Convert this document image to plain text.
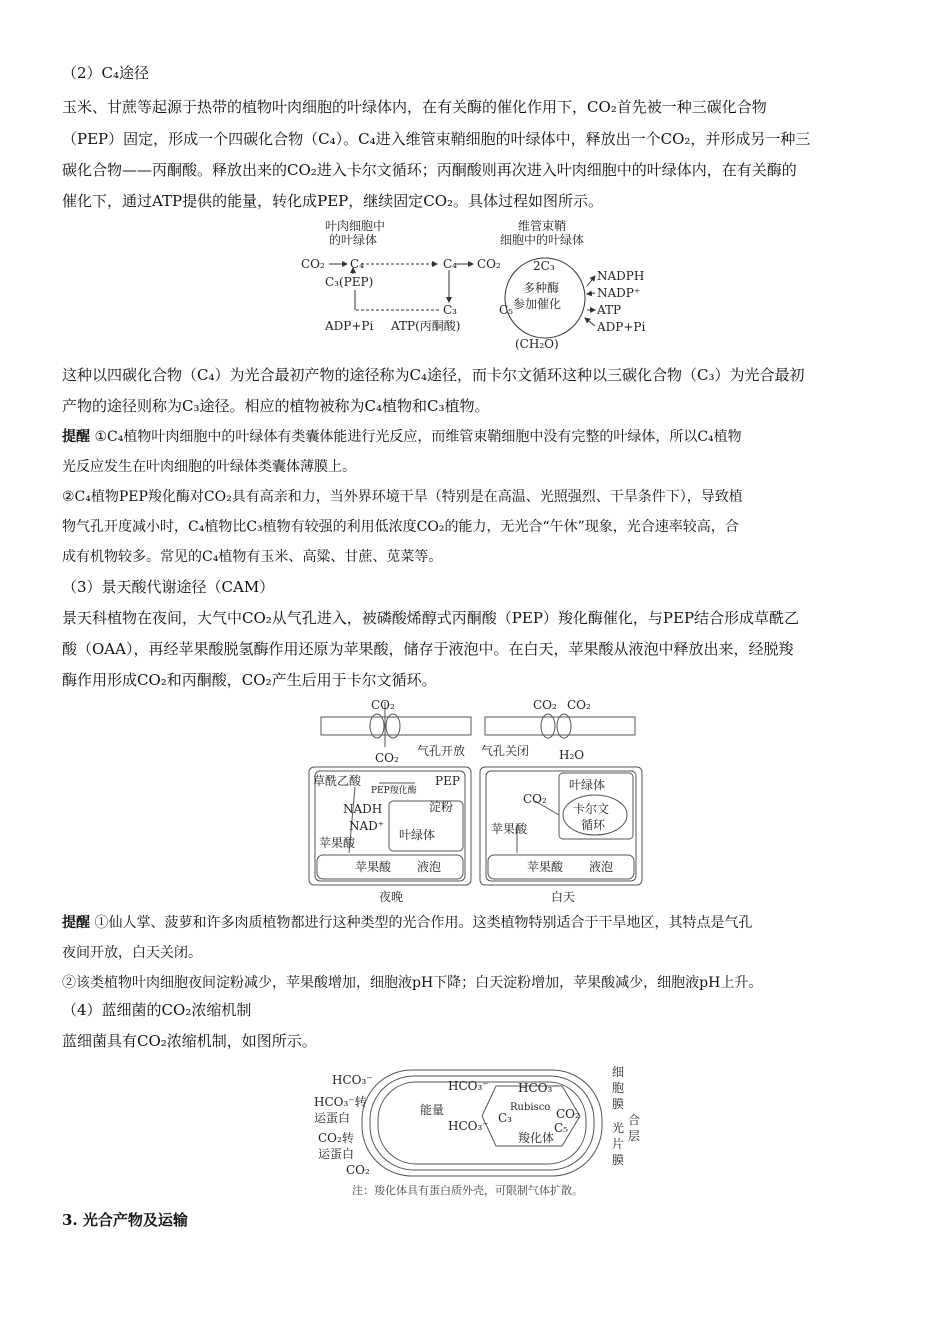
（2）C₄途径
玉米、甘蔗等起源于热带的植物叶肉细胞的叶绿体内，在有关酶的催化作用下，CO₂首先被一种三碳化合物
（PEP）固定，形成一个四碳化合物（C₄）。C₄进入维管束鞘细胞的叶绿体中，释放出一个CO₂，并形成另一种三
碳化合物——丙酮酸。释放出来的CO₂进入卡尔文循环；丙酮酸则再次进入叶肉细胞中的叶绿体内，在有关酶的
催化下，通过ATP提供的能量，转化成PEP，继续固定CO₂。具体过程如图所示。
叶肉细胞中
的叶绿体
维管束鞘
细胞中的叶绿体
CO₂ C₄
C₃(PEP)
C₄ CO₂
C₃
ADP+Pi ATP(丙酮酸)
2C₃
多种酶
参加催化
C₅
NADPH
NADP⁺
ATP
ADP+Pi
(CH₂O)
这种以四碳化合物（C₄）为光合最初产物的途径称为C₄途径，而卡尔文循环这种以三碳化合物（C₃）为光合最初
产物的途径则称为C₃途径。相应的植物被称为C₄植物和C₃植物。
提醒 ①C₄植物叶肉细胞中的叶绿体有类囊体能进行光反应，而维管束鞘细胞中没有完整的叶绿体，所以C₄植物
光反应发生在叶肉细胞的叶绿体类囊体薄膜上。
②C₄植物PEP羧化酶对CO₂具有高亲和力，当外界环境干旱（特别是在高温、光照强烈、干旱条件下），导致植
物气孔开度减小时，C₄植物比C₃植物有较强的利用低浓度CO₂的能力，无光合“午休”现象，光合速率较高，合
成有机物较多。常见的C₄植物有玉米、高粱、甘蔗、苋菜等。
（3）景天酸代谢途径（CAM）
景天科植物在夜间，大气中CO₂从气孔进入，被磷酸烯醇式丙酮酸（PEP）羧化酶催化，与PEP结合形成草酰乙
酸（OAA），再经苹果酸脱氢酶作用还原为苹果酸，储存于液泡中。在白天，苹果酸从液泡中释放出来，经脱羧
酶作用形成CO₂和丙酮酸，CO₂产生后用于卡尔文循环。
CO₂
CO₂ 气孔开放
草酰乙酸	PEP
PEP羧化酶
NADH
NAD⁺
淀粉
叶绿体
苹果酸
苹果酸 液泡
夜晚
CO₂ CO₂
气孔关闭 H₂O
叶绿体
CO₂
卡尔文
循环
苹果酸
苹果酸 液泡
白天
提醒 ①仙人掌、菠萝和许多肉质植物都进行这种类型的光合作用。这类植物特别适合于干旱地区，其特点是气孔
夜间开放，白天关闭。
②该类植物叶肉细胞夜间淀粉减少，苹果酸增加，细胞液pH下降；白天淀粉增加，苹果酸减少，细胞液pH上升。
（4）蓝细菌的CO₂浓缩机制
蓝细菌具有CO₂浓缩机制，如图所示。
HCO₃⁻
HCO₃⁻转
运蛋白
CO₂转
运蛋白
CO₂
能量
HCO₃⁻
HCO₃⁻
HCO₃⁻
Rubisco
C₃	CO₂
C₅
羧化体
细
胞
膜
光
片
膜
合
层
注：羧化体具有蛋白质外壳，可限制气体扩散。
3. 光合产物及运输
